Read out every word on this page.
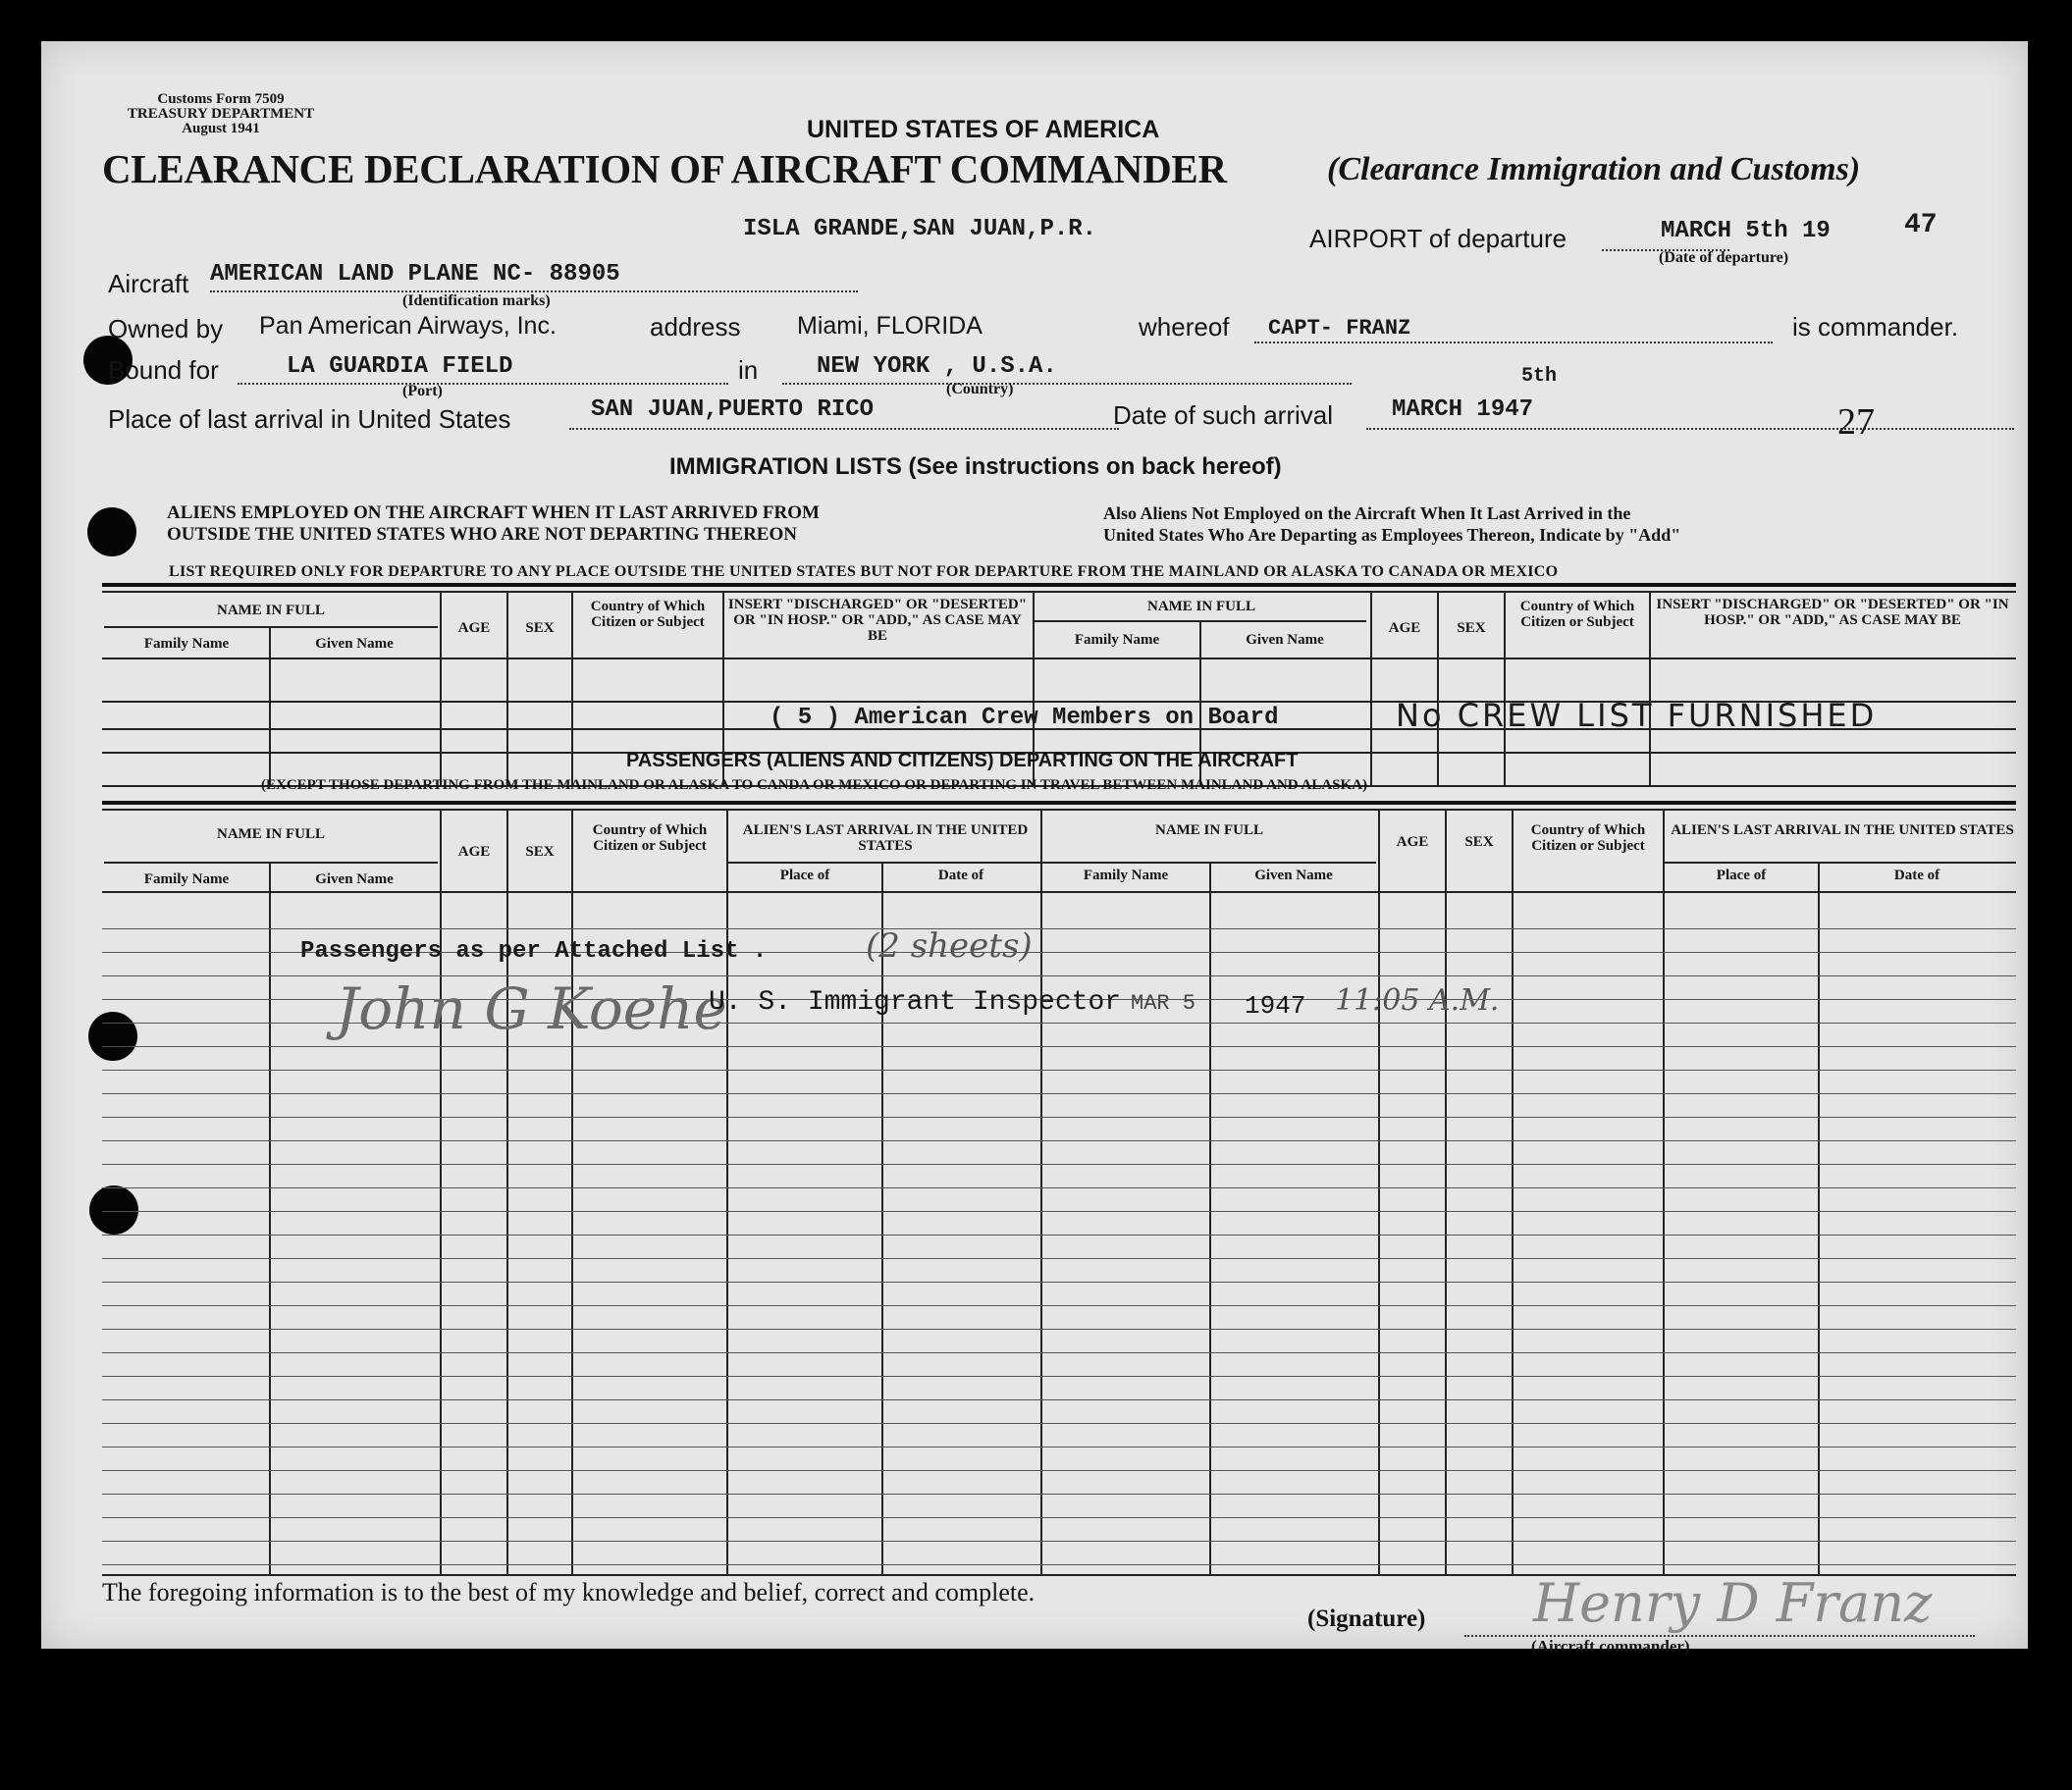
Customs Form 7509
TREASURY DEPARTMENT
August 1941	UNITED STATES OF AMERICA
CLEARANCE DECLARATION OF AIRCRAFT COMMANDER	(Clearance Immigration and Customs)
ISLA GRANDE,SAN JUAN,P.R.	AIRPORT of departure	MARCH 5th 19	47
(Date of departure)
Aircraft AMERICAN LAND PLANE NC- 88905
(Identification marks)
Owned by Pan American Airways, Inc.	address Miami, FLORIDA	whereof CAPT- FRANZ	is commander.
Bound for	LA GUARDIA FIELD
(Port)
in NEW YORK , U.S.A.
(Country)
Place of last arrival in United States	SAN JUAN,PUERTO RICO	Date of such arrival	MARCH 1947
5th
27
IMMIGRATION LISTS (See instructions on back hereof)
ALIENS EMPLOYED ON THE AIRCRAFT WHEN IT LAST ARRIVED FROM
OUTSIDE THE UNITED STATES WHO ARE NOT DEPARTING THEREON
Also Aliens Not Employed on the Aircraft When It Last Arrived in the
United States Who Are Departing as Employees Thereon, Indicate by "Add"
LIST REQUIRED ONLY FOR DEPARTURE TO ANY PLACE OUTSIDE THE UNITED STATES BUT NOT FOR DEPARTURE FROM THE MAINLAND OR ALASKA TO CANADA OR MEXICO
NAME IN FULL
Family Name	Given Name
AGE	SEX
Country of Which Citizen or Subject
INSERT "DISCHARGED" OR "DESERTED" OR "IN HOSP." OR "ADD," AS CASE MAY BE
NAME IN FULL
Family Name	Given Name
AGE	SEX
Country of Which Citizen or Subject
INSERT "DISCHARGED" OR "DESERTED" OR "IN HOSP." OR "ADD," AS CASE MAY BE
( 5 ) American Crew Members on Board	No CREW LIST FURNISHED
PASSENGERS (ALIENS AND CITIZENS) DEPARTING ON THE AIRCRAFT
(EXCEPT THOSE DEPARTING FROM THE MAINLAND OR ALASKA TO CANDA OR MEXICO OR DEPARTING IN TRAVEL BETWEEN MAINLAND AND ALASKA)
NAME IN FULL
Family Name	Given Name
AGE	SEX
Country of Which Citizen or Subject
ALIEN'S LAST ARRIVAL IN THE UNITED STATES
Place of	Date of
NAME IN FULL
Family Name	Given Name
AGE	SEX
Country of Which Citizen or Subject
ALIEN'S LAST ARRIVAL IN THE UNITED STATES
Place of	Date of
Passengers as per Attached List .	(2 sheets)
John G Koehe
U. S. Immigrant Inspector MAR 5 1947 11:05 A.M.
The foregoing information is to the best of my knowledge and belief, correct and complete.
(Signature) Henry D Franz
(Aircraft commander)
